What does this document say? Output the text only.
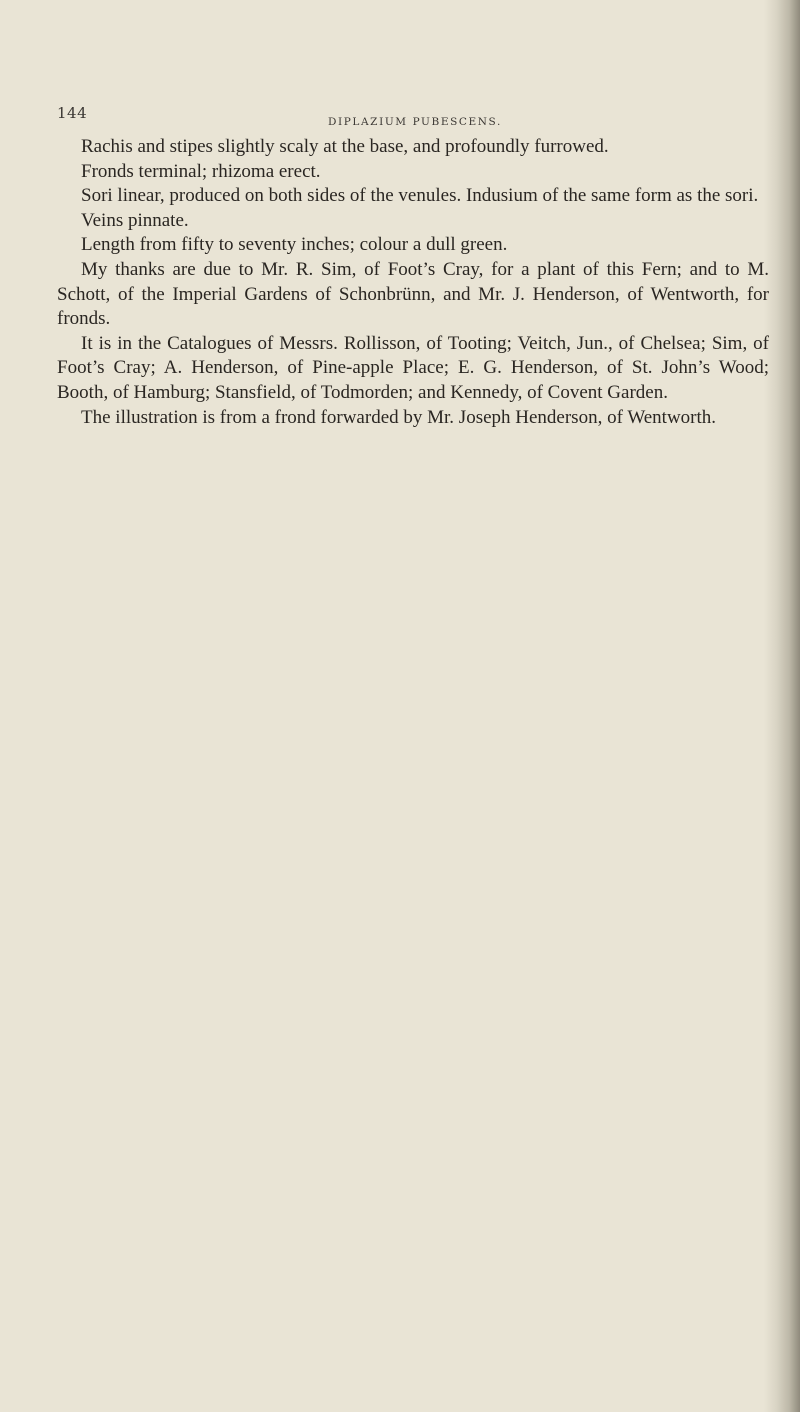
144	DIPLAZIUM PUBESCENS.

Rachis and stipes slightly scaly at the base, and profoundly furrowed.

Fronds terminal; rhizoma erect.

Sori linear, produced on both sides of the venules. Indusium of the same form as the sori.

Veins pinnate.

Length from fifty to seventy inches; colour a dull green.

My thanks are due to Mr. R. Sim, of Foot’s Cray, for a plant of this Fern; and to M. Schott, of the Imperial Gardens of Schonbrünn, and Mr. J. Henderson, of Wentworth, for fronds.

It is in the Catalogues of Messrs. Rollisson, of Tooting; Veitch, Jun., of Chelsea; Sim, of Foot’s Cray; A. Henderson, of Pine-apple Place; E. G. Henderson, of St. John’s Wood; Booth, of Hamburg; Stansfield, of Todmorden; and Kennedy, of Covent Garden.

The illustration is from a frond forwarded by Mr. Joseph Henderson, of Wentworth.
